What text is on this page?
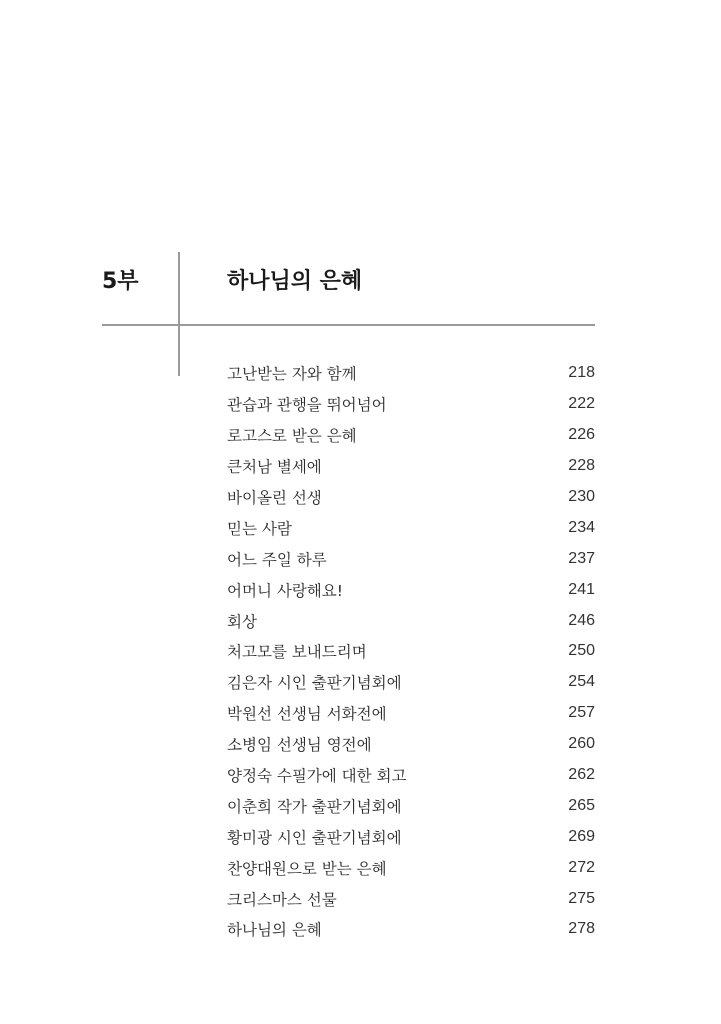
5부	하나님의 은혜
고난받는 자와 함께	218
관습과 관행을 뛰어넘어	222
로고스로 받은 은혜	226
큰처남 별세에	228
바이올린 선생	230
믿는 사람	234
어느 주일 하루	237
어머니 사랑해요!	241
회상	246
처고모를 보내드리며	250
김은자 시인 출판기념회에	254
박원선 선생님 서화전에	257
소병임 선생님 영전에	260
양정숙 수필가에 대한 회고	262
이춘희 작가 출판기념회에	265
황미광 시인 출판기념회에	269
찬양대원으로 받는 은혜	272
크리스마스 선물	275
하나님의 은혜	278
